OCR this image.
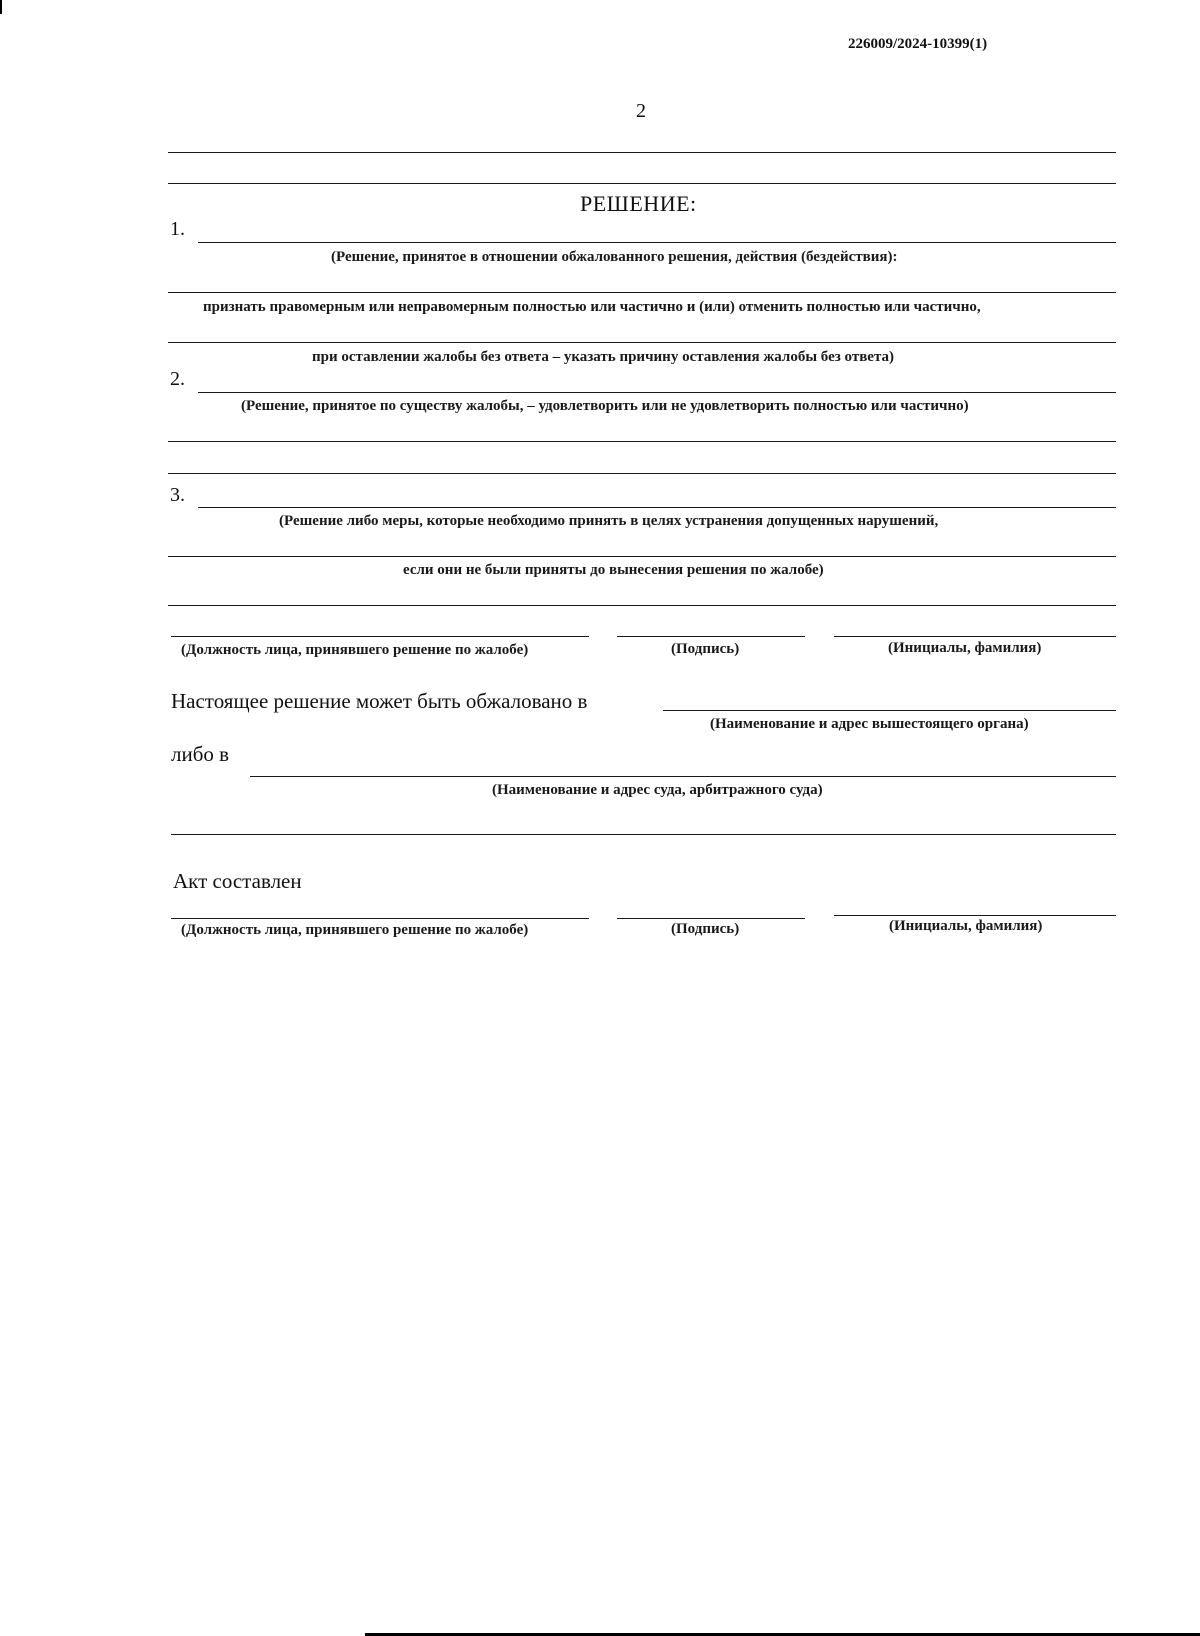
226009/2024-10399(1)
2
РЕШЕНИЕ:
1.
(Решение, принятое в отношении обжалованного решения, действия (бездействия):
признать правомерным или неправомерным полностью или частично и (или) отменить полностью или частично,
при оставлении жалобы без ответа – указать причину оставления жалобы без ответа)
2.
(Решение, принятое по существу жалобы, – удовлетворить или не удовлетворить полностью или частично)
3.
(Решение либо меры, которые необходимо принять в целях устранения допущенных нарушений,
если они не были приняты до вынесения решения по жалобе)
(Должность лица, принявшего решение по жалобе)	(Подпись)	(Инициалы, фамилия)
Настоящее решение может быть обжаловано в
(Наименование и адрес вышестоящего органа)
либо в
(Наименование и адрес суда, арбитражного суда)
Акт составлен
(Должность лица, принявшего решение по жалобе)	(Подпись)	(Инициалы, фамилия)
